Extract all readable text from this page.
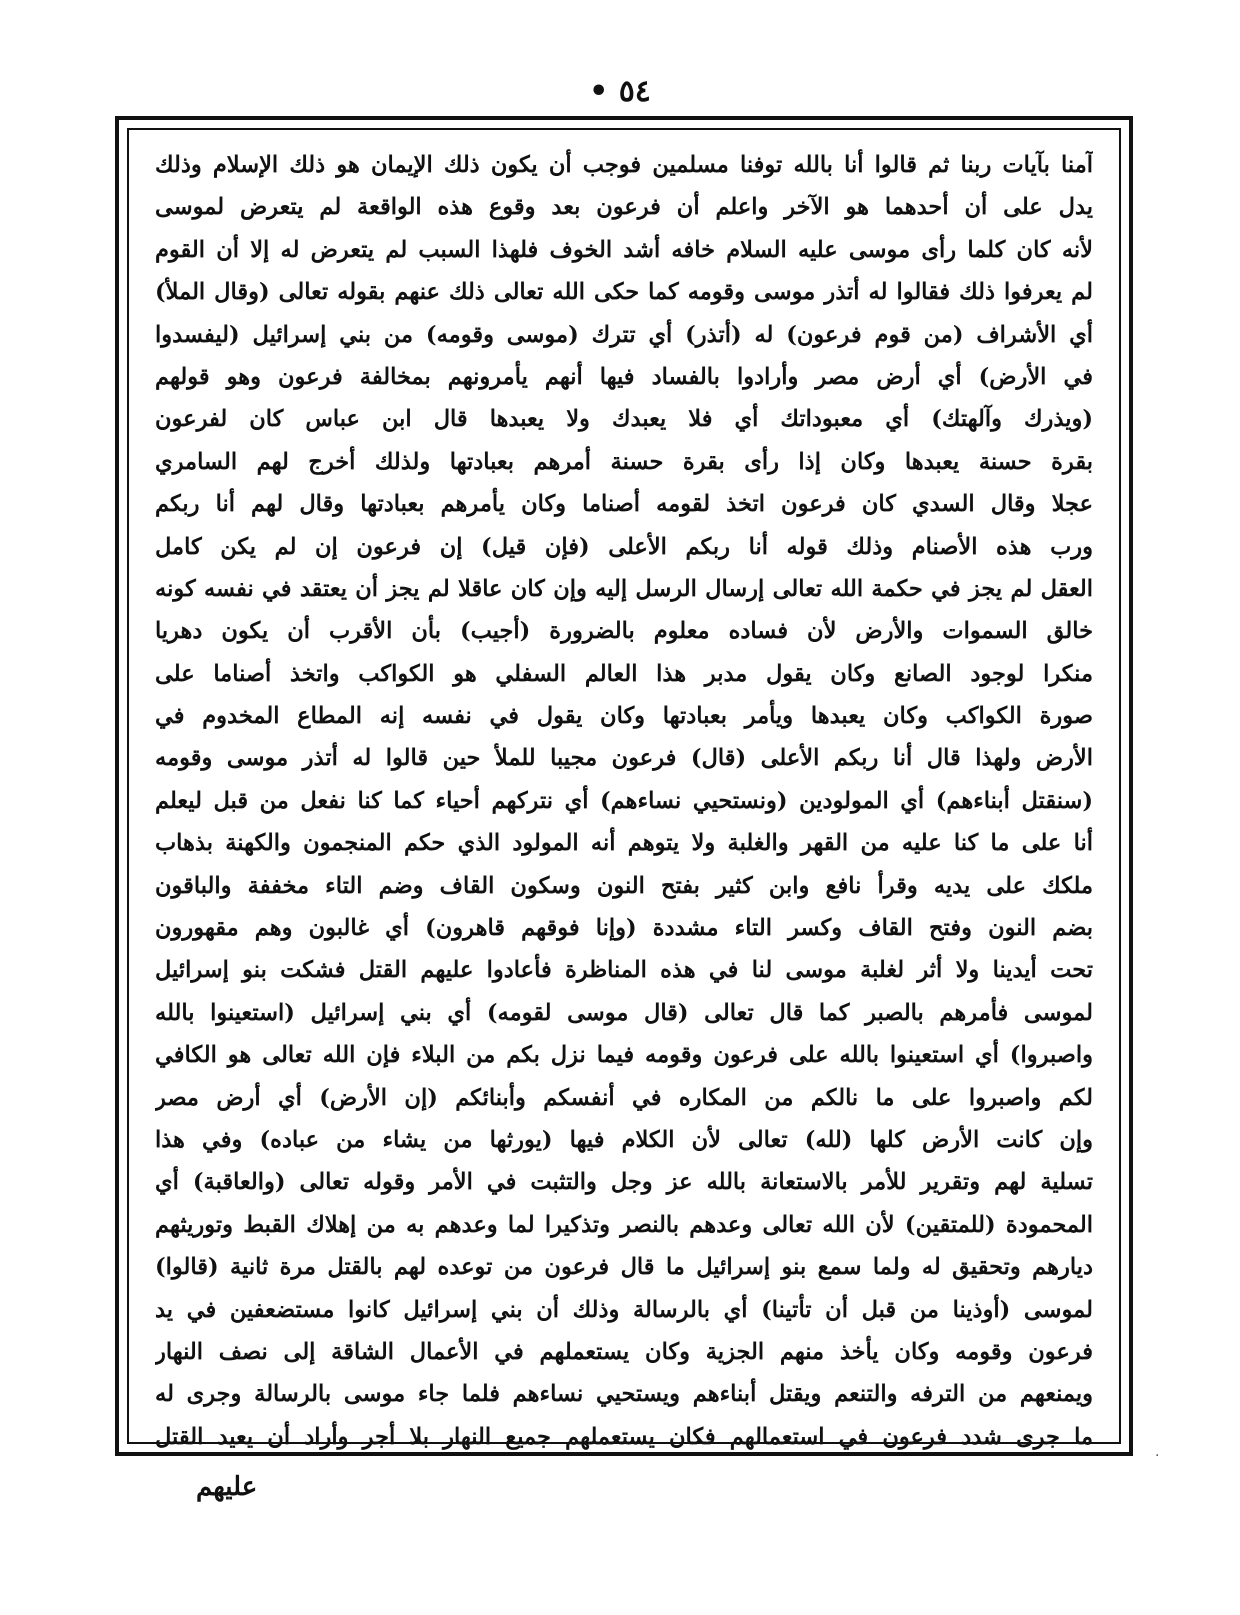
٥٤ •
آمنا بآيات ربنا ثم قالوا أنا بالله توفنا مسلمين فوجب أن يكون ذلك الإيمان هو ذلك الإسلام وذلك
يدل على أن أحدهما هو الآخر واعلم أن فرعون بعد وقوع هذه الواقعة لم يتعرض لموسى
لأنه كان كلما رأى موسى عليه السلام خافه أشد الخوف فلهذا السبب لم يتعرض له إلا أن القوم
لم يعرفوا ذلك فقالوا له أتذر موسى وقومه كما حكى الله تعالى ذلك عنهم بقوله تعالى (وقال الملأ)
أي الأشراف (من قوم فرعون) له (أتذر) أي تترك (موسى وقومه) من بني إسرائيل (ليفسدوا
في الأرض) أي أرض مصر وأرادوا بالفساد فيها أنهم يأمرونهم بمخالفة فرعون وهو قولهم
(ويذرك وآلهتك) أي معبوداتك أي فلا يعبدك ولا يعبدها قال ابن عباس كان لفرعون
بقرة حسنة يعبدها وكان إذا رأى بقرة حسنة أمرهم بعبادتها ولذلك أخرج لهم السامري
عجلا وقال السدي كان فرعون اتخذ لقومه أصناما وكان يأمرهم بعبادتها وقال لهم أنا ربكم
ورب هذه الأصنام وذلك قوله أنا ربكم الأعلى (فإن قيل) إن فرعون إن لم يكن كامل
العقل لم يجز في حكمة الله تعالى إرسال الرسل إليه وإن كان عاقلا لم يجز أن يعتقد في نفسه كونه
خالق السموات والأرض لأن فساده معلوم بالضرورة (أجيب) بأن الأقرب أن يكون دهريا
منكرا لوجود الصانع وكان يقول مدبر هذا العالم السفلي هو الكواكب واتخذ أصناما على
صورة الكواكب وكان يعبدها ويأمر بعبادتها وكان يقول في نفسه إنه المطاع المخدوم في
الأرض ولهذا قال أنا ربكم الأعلى (قال) فرعون مجيبا للملأ حين قالوا له أتذر موسى وقومه
(سنقتل أبناءهم) أي المولودين (ونستحيي نساءهم) أي نتركهم أحياء كما كنا نفعل من قبل ليعلم
أنا على ما كنا عليه من القهر والغلبة ولا يتوهم أنه المولود الذي حكم المنجمون والكهنة بذهاب
ملكك على يديه وقرأ نافع وابن كثير بفتح النون وسكون القاف وضم التاء مخففة والباقون
بضم النون وفتح القاف وكسر التاء مشددة (وإنا فوقهم قاهرون) أي غالبون وهم مقهورون
تحت أيدينا ولا أثر لغلبة موسى لنا في هذه المناظرة فأعادوا عليهم القتل فشكت بنو إسرائيل
لموسى فأمرهم بالصبر كما قال تعالى (قال موسى لقومه) أي بني إسرائيل (استعينوا بالله
واصبروا) أي استعينوا بالله على فرعون وقومه فيما نزل بكم من البلاء فإن الله تعالى هو الكافي
لكم واصبروا على ما نالكم من المكاره في أنفسكم وأبنائكم (إن الأرض) أي أرض مصر
وإن كانت الأرض كلها (لله) تعالى لأن الكلام فيها (يورثها من يشاء من عباده) وفي هذا
تسلية لهم وتقرير للأمر بالاستعانة بالله عز وجل والتثبت في الأمر وقوله تعالى (والعاقبة) أي
المحمودة (للمتقين) لأن الله تعالى وعدهم بالنصر وتذكيرا لما وعدهم به من إهلاك القبط وتوريثهم
ديارهم وتحقيق له ولما سمع بنو إسرائيل ما قال فرعون من توعده لهم بالقتل مرة ثانية (قالوا)
لموسى (أوذينا من قبل أن تأتينا) أي بالرسالة وذلك أن بني إسرائيل كانوا مستضعفين في يد
فرعون وقومه وكان يأخذ منهم الجزية وكان يستعملهم في الأعمال الشاقة إلى نصف النهار
ويمنعهم من الترفه والتنعم ويقتل أبناءهم ويستحيي نساءهم فلما جاء موسى بالرسالة وجرى له
ما جرى شدد فرعون في استعمالهم فكان يستعملهم جميع النهار بلا أجر وأراد أن يعيد القتل
عليهم
·
